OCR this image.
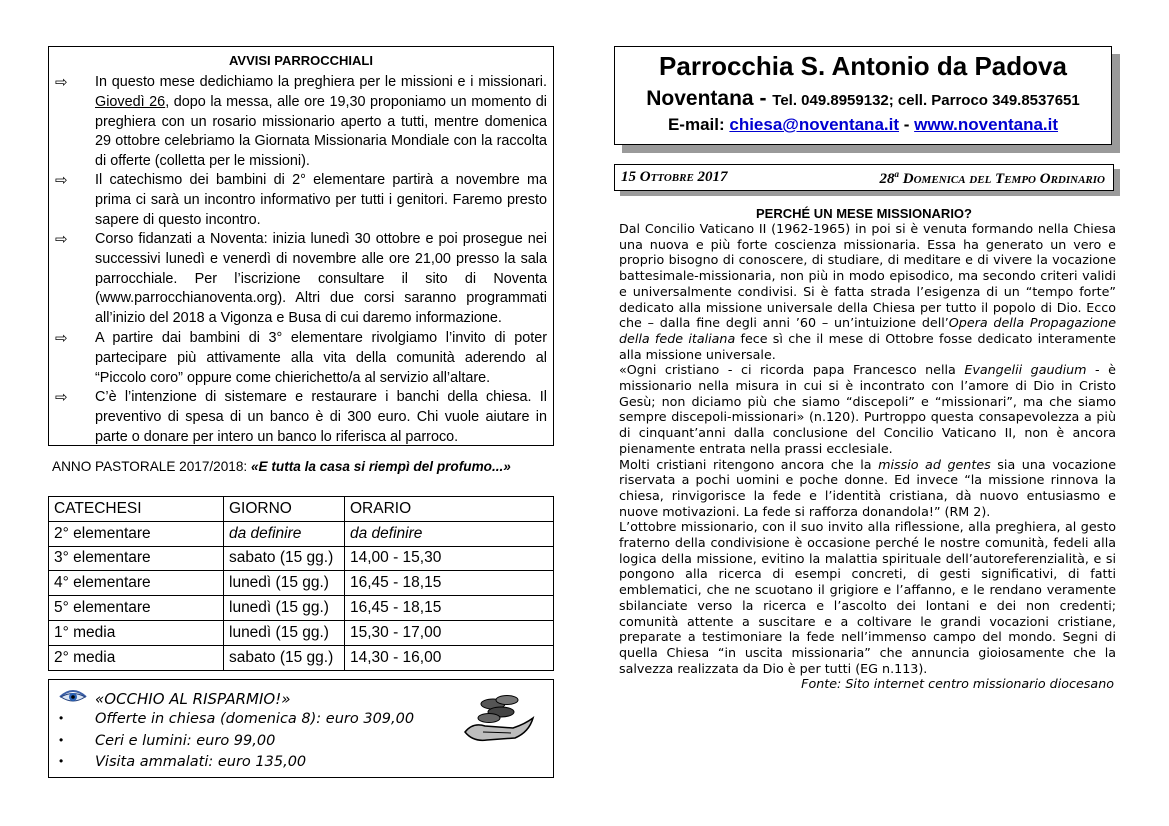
AVVISI PARROCCHIALI
⇨ In questo mese dedichiamo la preghiera per le missioni e i missionari. Giovedì 26, dopo la messa, alle ore 19,30 proponiamo un momento di preghiera con un rosario missionario aperto a tutti, mentre domenica 29 ottobre celebriamo la Giornata Missionaria Mondiale con la raccolta di offerte (colletta per le missioni).

⇨ Il catechismo dei bambini di 2° elementare partirà a novembre ma prima ci sarà un incontro informativo per tutti i genitori. Faremo presto sapere di questo incontro.

⇨ Corso fidanzati a Noventa: inizia lunedì 30 ottobre e poi prosegue nei successivi lunedì e venerdì di novembre alle ore 21,00 presso la sala parrocchiale. Per l’iscrizione consultare il sito di Noventa (www.parrocchianoventa.org). Altri due corsi saranno programmati all’inizio del 2018 a Vigonza e Busa di cui daremo informazione.

⇨ A partire dai bambini di 3° elementare rivolgiamo l’invito di poter partecipare più attivamente alla vita della comunità aderendo al “Piccolo coro” oppure come chierichetto/a al servizio all’altare.

⇨ C’è l’intenzione di sistemare e restaurare i banchi della chiesa. Il preventivo di spesa di un banco è di 300 euro. Chi vuole aiutare in parte o donare per intero un banco lo riferisca al parroco.

ANNO PASTORALE 2017/2018: «E tutta la casa si riempì del profumo...»
CATECHESI	GIORNO	ORARIO
2° elementare	da definire	da definire
3° elementare	sabato (15 gg.)	14,00 - 15,30
4° elementare	lunedì (15 gg.)	16,45 - 18,15
5° elementare	lunedì (15 gg.)	16,45 - 18,15
1° media	lunedì (15 gg.)	15,30 - 17,00
2° media	sabato (15 gg.)	14,30 - 16,00
«OCCHIO AL RISPARMIO!»
• Offerte in chiesa (domenica 8): euro 309,00
• Ceri e lumini: euro 99,00
• Visita ammalati: euro 135,00
Parrocchia S. Antonio da Padova
Noventana - Tel. 049.8959132; cell. Parroco 349.8537651
E-mail: chiesa@noventana.it - www.noventana.it
15 Ottobre 2017	28$^a$ Domenica del Tempo Ordinario
PERCHÉ UN MESE MISSIONARIO?

Dal Concilio Vaticano II (1962-1965) in poi si è venuta formando nella Chiesa una nuova e più forte coscienza missionaria. Essa ha generato un vero e proprio bisogno di conoscere, di studiare, di meditare e di vivere la vocazione battesimale-missionaria, non più in modo episodico, ma secondo criteri validi e universalmente condivisi. Si è fatta strada l’esigenza di un “tempo forte” dedicato alla missione universale della Chiesa per tutto il popolo di Dio. Ecco che – dalla fine degli anni ’60 – un’intuizione dell’Opera della Propagazione della fede italiana fece sì che il mese di Ottobre fosse dedicato interamente alla missione universale.

«Ogni cristiano - ci ricorda papa Francesco nella Evangelii gaudium - è missionario nella misura in cui si è incontrato con l’amore di Dio in Cristo Gesù; non diciamo più che siamo “discepoli” e “missionari”, ma che siamo sempre discepoli-missionari» (n.120). Purtroppo questa consapevolezza a più di cinquant’anni dalla conclusione del Concilio Vaticano II, non è ancora pienamente entrata nella prassi ecclesiale.

Molti cristiani ritengono ancora che la missio ad gentes sia una vocazione riservata a pochi uomini e poche donne. Ed invece “la missione rinnova la chiesa, rinvigorisce la fede e l’identità cristiana, dà nuovo entusiasmo e nuove motivazioni. La fede si rafforza donandola!” (RM 2).

L’ottobre missionario, con il suo invito alla riflessione, alla preghiera, al gesto fraterno della condivisione è occasione perché le nostre comunità, fedeli alla logica della missione, evitino la malattia spirituale dell’autoreferenzialità, e si pongono alla ricerca di esempi concreti, di gesti significativi, di fatti emblematici, che ne scuotano il grigiore e l’affanno, e le rendano veramente sbilanciate verso la ricerca e l’ascolto dei lontani e dei non credenti; comunità attente a suscitare e a coltivare le grandi vocazioni cristiane, preparate a testimoniare la fede nell’immenso campo del mondo. Segni di quella Chiesa “in uscita missionaria” che annuncia gioiosamente che la salvezza realizzata da Dio è per tutti (EG n.113).

Fonte: Sito internet centro missionario diocesano
